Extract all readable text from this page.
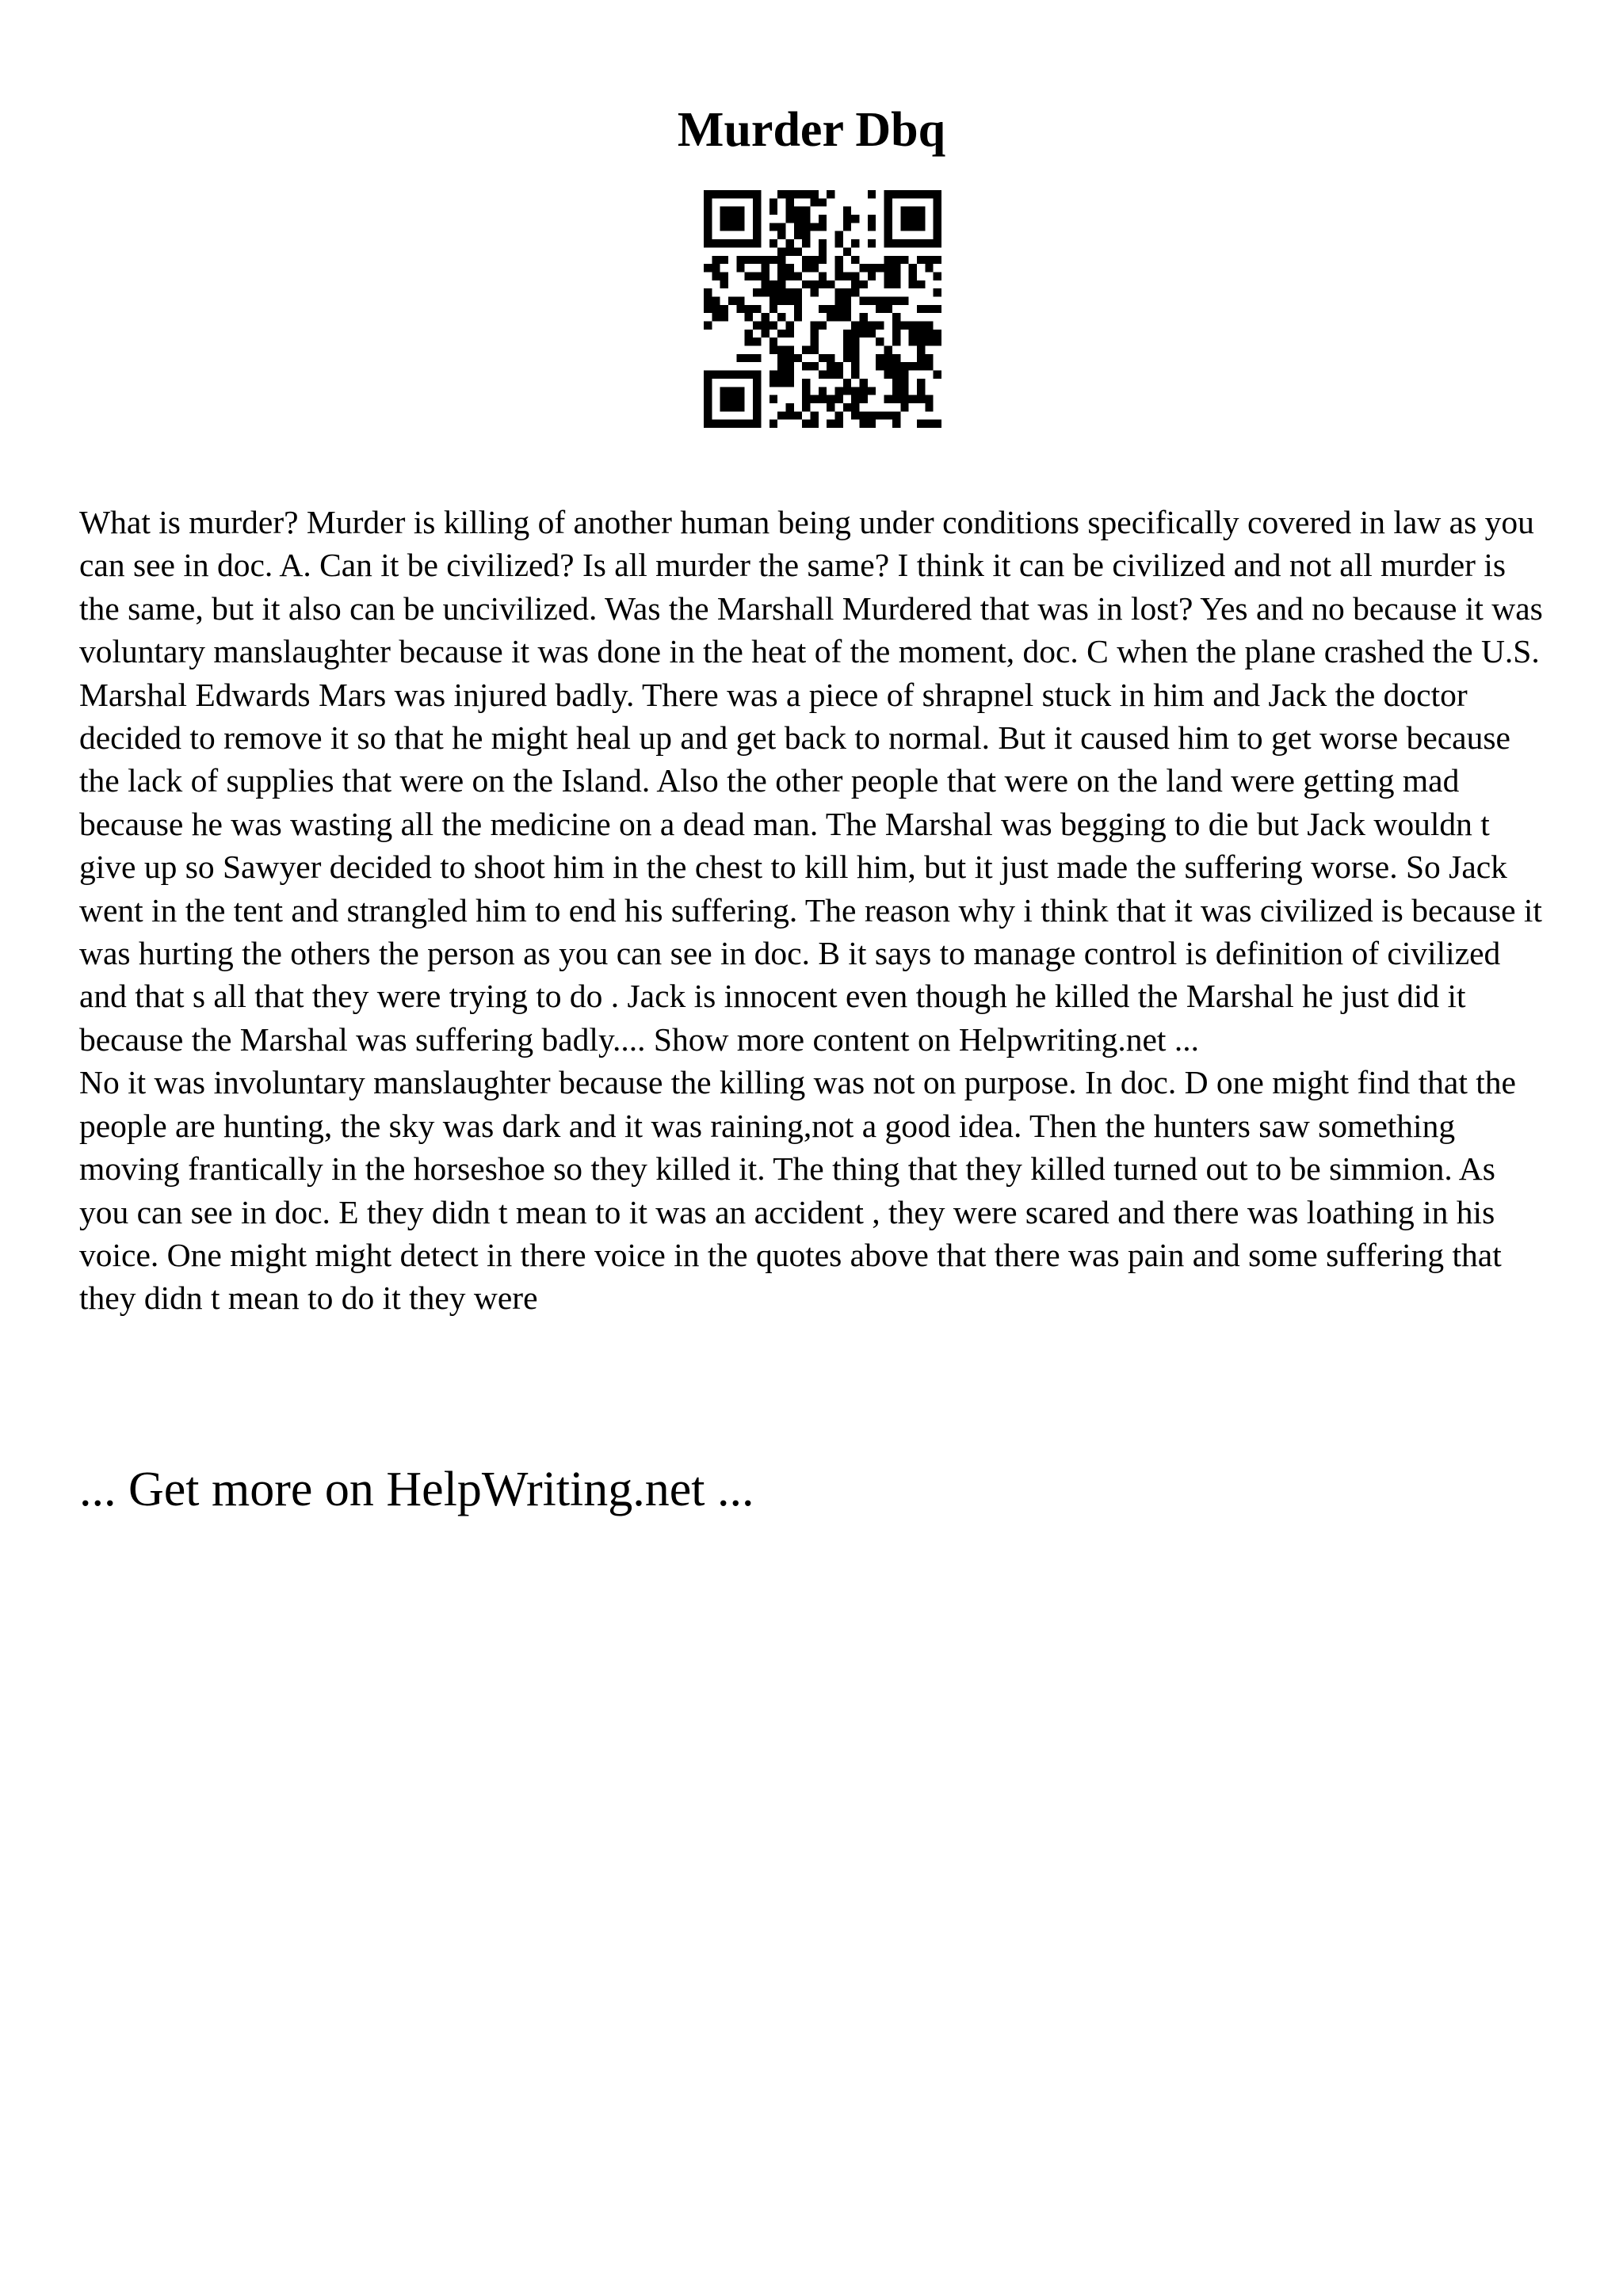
Murder Dbq

What is murder? Murder is killing of another human being under conditions specifically covered in law as you can see in doc. A. Can it be civilized? Is all murder the same? I think it can be civilized and not all murder is the same, but it also can be uncivilized. Was the Marshall Murdered that was in lost? Yes and no because it was voluntary manslaughter because it was done in the heat of the moment, doc. C when the plane crashed the U.S. Marshal Edwards Mars was injured badly. There was a piece of shrapnel stuck in him and Jack the doctor decided to remove it so that he might heal up and get back to normal. But it caused him to get worse because the lack of supplies that were on the Island. Also the other people that were on the land were getting mad because he was wasting all the medicine on a dead man. The Marshal was begging to die but Jack wouldn t give up so Sawyer decided to shoot him in the chest to kill him, but it just made the suffering worse. So Jack went in the tent and strangled him to end his suffering. The reason why i think that it was civilized is because it was hurting the others the person as you can see in doc. B it says to manage control is definition of civilized and that s all that they were trying to do . Jack is innocent even though he killed the Marshal he just did it because the Marshal was suffering badly.... Show more content on Helpwriting.net ...

No it was involuntary manslaughter because the killing was not on purpose. In doc. D one might find that the people are hunting, the sky was dark and it was raining,not a good idea. Then the hunters saw something moving frantically in the horseshoe so they killed it. The thing that they killed turned out to be simmion. As you can see in doc. E they didn t mean to it was an accident , they were scared and there was loathing in his voice. One might might detect in there voice in the quotes above that there was pain and some suffering that they didn t mean to do it they were

... Get more on HelpWriting.net ...
